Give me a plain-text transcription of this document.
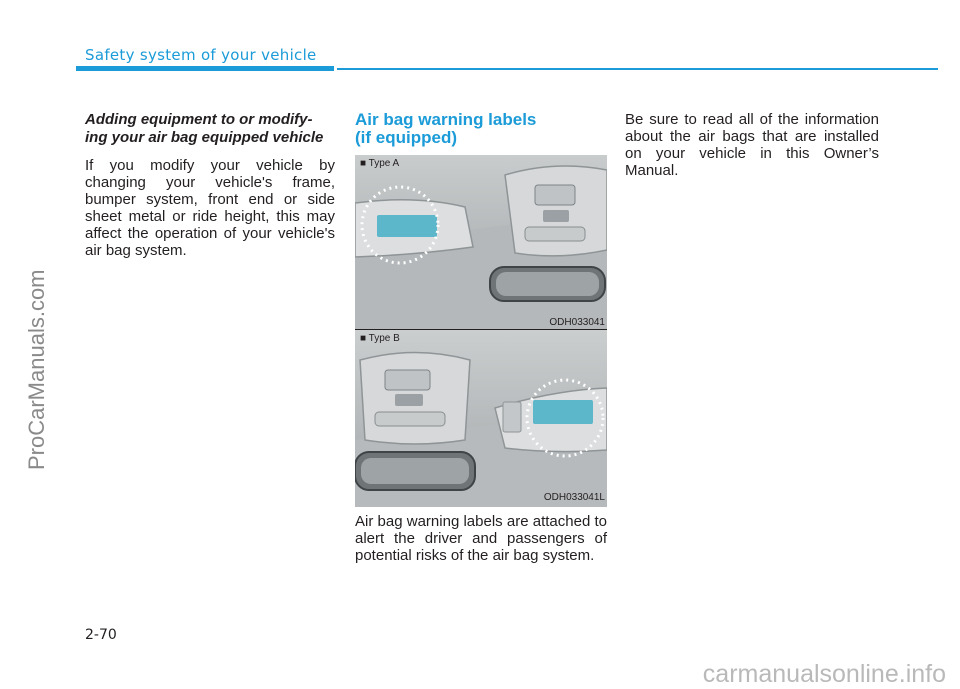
Safety system of your vehicle
Adding equipment to or modify-
ing your air bag equipped vehicle

If you modify your vehicle by changing your vehicle's frame, bumper system, front end or side sheet metal or ride height, this may affect the operation of your vehicle's air bag system.

Air bag warning labels
(if equipped)
■ Type A
ODH033041
■ Type B
ODH033041L

Air bag warning labels are attached to alert the driver and passengers of potential risks of the air bag system.

Be sure to read all of the information about the air bags that are installed on your vehicle in this Owner’s Manual.

2-70
ProCarManuals.com
carmanualsonline.info
